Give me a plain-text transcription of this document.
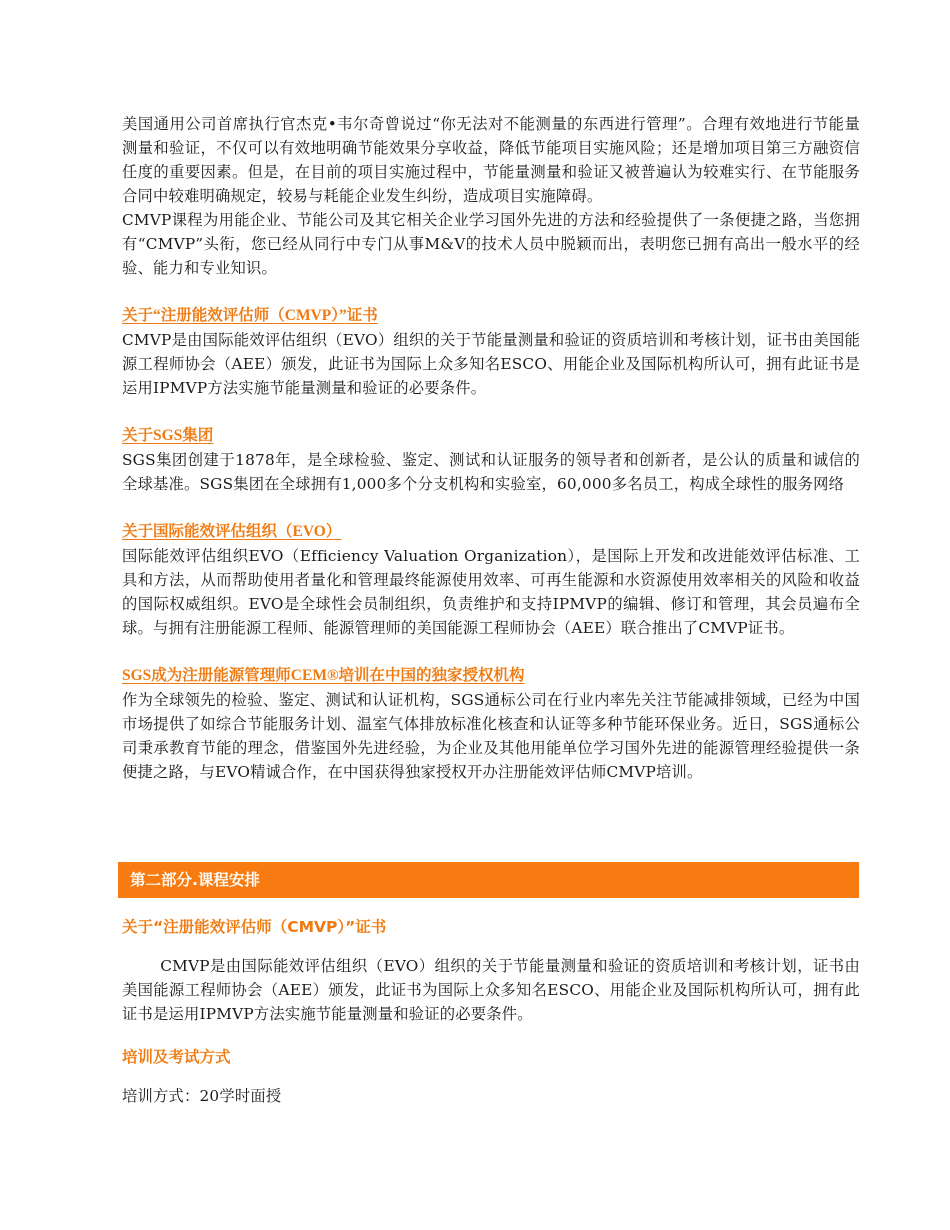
美国通用公司首席执行官杰克•韦尔奇曾说过“你无法对不能测量的东西进行管理”。合理有效地进行节能量测量和验证，不仅可以有效地明确节能效果分享收益，降低节能项目实施风险；还是增加项目第三方融资信任度的重要因素。但是，在目前的项目实施过程中，节能量测量和验证又被普遍认为较难实行、在节能服务合同中较难明确规定，较易与耗能企业发生纠纷，造成项目实施障碍。

CMVP课程为用能企业、节能公司及其它相关企业学习国外先进的方法和经验提供了一条便捷之路，当您拥有“CMVP”头衔，您已经从同行中专门从事M&V的技术人员中脱颖而出，表明您已拥有高出一般水平的经验、能力和专业知识。

关于“注册能效评估师（CMVP）”证书

CMVP是由国际能效评估组织（EVO）组织的关于节能量测量和验证的资质培训和考核计划，证书由美国能源工程师协会（AEE）颁发，此证书为国际上众多知名ESCO、用能企业及国际机构所认可，拥有此证书是运用IPMVP方法实施节能量测量和验证的必要条件。

关于SGS集团

SGS集团创建于1878年，是全球检验、鉴定、测试和认证服务的领导者和创新者，是公认的质量和诚信的全球基准。SGS集团在全球拥有1,000多个分支机构和实验室，60,000多名员工，构成全球性的服务网络

关于国际能效评估组织（EVO）

国际能效评估组织EVO（Efficiency Valuation Organization），是国际上开发和改进能效评估标准、工具和方法，从而帮助使用者量化和管理最终能源使用效率、可再生能源和水资源使用效率相关的风险和收益的国际权威组织。EVO是全球性会员制组织，负责维护和支持IPMVP的编辑、修订和管理，其会员遍布全球。与拥有注册能源工程师、能源管理师的美国能源工程师协会（AEE）联合推出了CMVP证书。

SGS成为注册能源管理师CEM®培训在中国的独家授权机构

作为全球领先的检验、鉴定、测试和认证机构，SGS通标公司在行业内率先关注节能减排领域，已经为中国市场提供了如综合节能服务计划、温室气体排放标准化核查和认证等多种节能环保业务。近日，SGS通标公司秉承教育节能的理念，借鉴国外先进经验，为企业及其他用能单位学习国外先进的能源管理经验提供一条便捷之路，与EVO精诚合作，在中国获得独家授权开办注册能效评估师CMVP培训。

第二部分.课程安排
关于“注册能效评估师（CMVP）”证书

CMVP是由国际能效评估组织（EVO）组织的关于节能量测量和验证的资质培训和考核计划，证书由美国能源工程师协会（AEE）颁发，此证书为国际上众多知名ESCO、用能企业及国际机构所认可，拥有此证书是运用IPMVP方法实施节能量测量和验证的必要条件。

培训及考试方式

培训方式：20学时面授
